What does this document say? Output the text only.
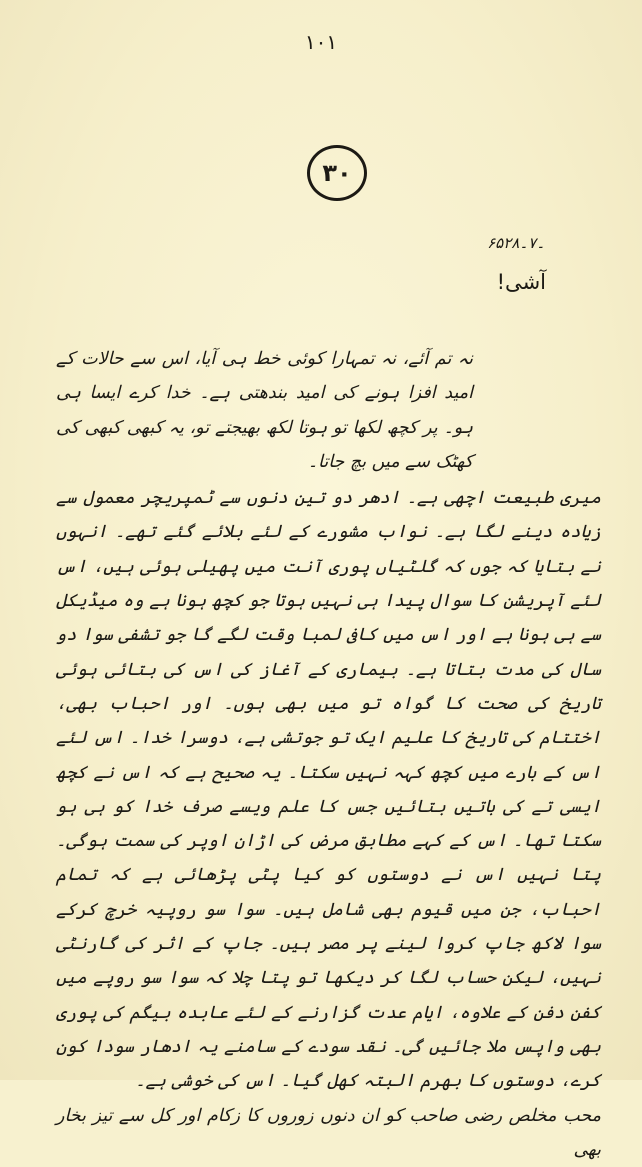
۱۰۱
۳۰
۶۵۔۷۔۲۸
آشی!

نہ تم آئے، نہ تمہارا کوئی خط ہی آیا، اس سے حالات کے امید افزا ہونے کی امید بندھتی ہے۔ خدا کرے ایسا ہی ہو۔ پر کچھ لکھا تو ہوتا لکھ بھیجتے تو، یہ کبھی کبھی کی کھٹک سے میں بچ جاتا۔

میری طبیعت اچھی ہے۔ ادھر دو تین دنوں سے ٹمپریچر معمول سے زیادہ دینے لگا ہے۔ نواب مشورے کے لئے بلائے گئے تھے۔ انہوں نے بتایا کہ جوں کہ گلٹیاں پوری آنت میں پھیلی ہوئی ہیں، اس لئے آپریشن کا سوال پیدا ہی نہیں ہوتا جو کچھ ہونا ہے وہ میڈیکل سے ہی ہونا ہے اور اس میں کافی لمبا وقت لگے گا جو تشفی سوا دو سال کی مدت بتاتا ہے۔ بیماری کے آغاز کی اس کی بتائی ہوئی تاریخ کی صحت کا گواہ تو میں بھی ہوں۔ اور احباب بھی، اختتام کی تاریخ کا علیم ایک تو جوتشی ہے، دوسرا خدا۔ اس لئے اس کے بارے میں کچھ کہہ نہیں سکتا۔ یہ صحیح ہے کہ اس نے کچھ ایسی تے کی باتیں بتائیں جس کا علم ویسے صرف خدا کو ہی ہو سکتا تھا۔ اس کے کہے مطابق مرض کی اڑان اوپر کی سمت ہوگی۔ پتا نہیں اس نے دوستوں کو کیا پٹی پڑھائی ہے کہ تمام احباب، جن میں قیوم بھی شامل ہیں۔ سوا سو روپیہ خرچ کرکے سوا لاکھ جاپ کروا لینے پر مصر ہیں۔ جاپ کے اثر کی گارنٹی نہیں، لیکن حساب لگا کر دیکھا تو پتا چلا کہ سوا سو روپے میں کفن دفن کے علاوہ، ایام عدت گزارنے کے لئے عابدہ بیگم کی پوری بھی واپس ملا جائیں گی۔ نقد سودے کے سامنے یہ ادھار سودا کون کرے، دوستوں کا بھرم البتہ کھل گیا۔ اس کی خوشی ہے۔

محب مخلص رضی صاحب کو ان دنوں زوروں کا زکام اور کل سے تیز بخار بھی
